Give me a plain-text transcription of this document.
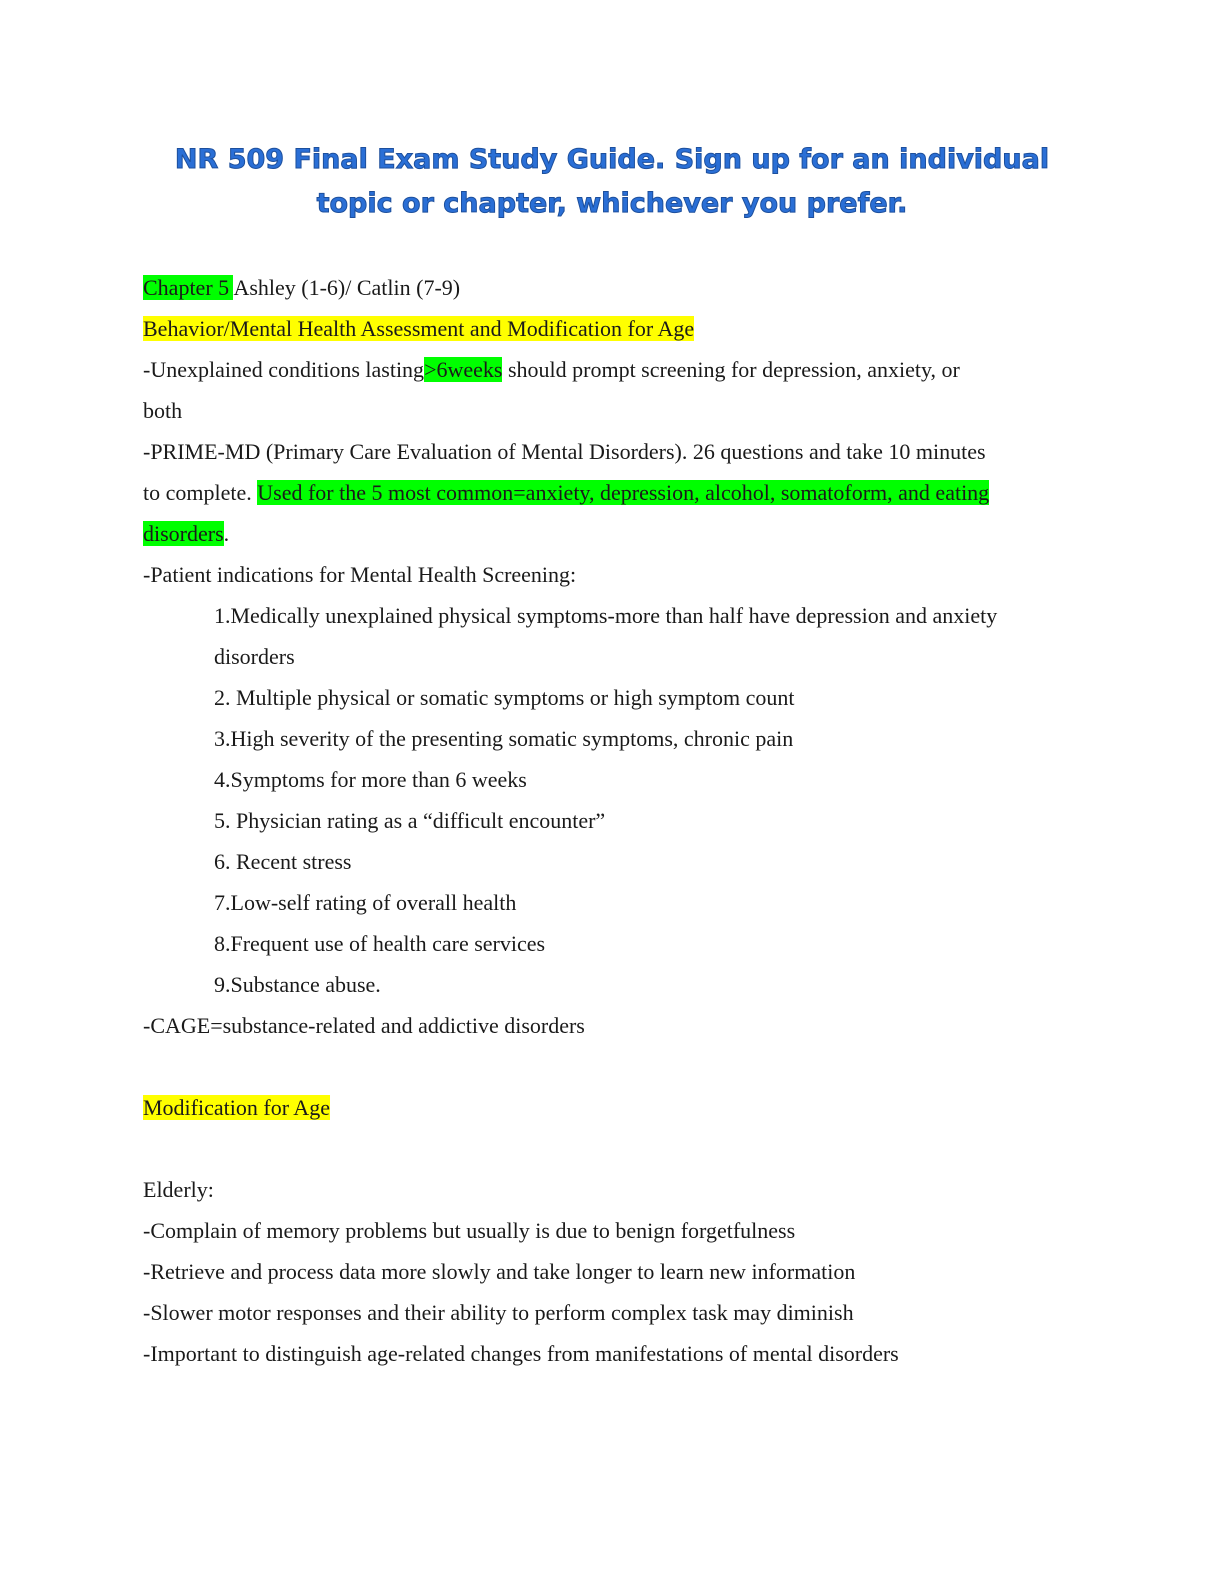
NR 509 Final Exam Study Guide. Sign up for an individual
topic or chapter, whichever you prefer.
Chapter 5 Ashley (1-6)/ Catlin (7-9)
Behavior/Mental Health Assessment and Modification for Age
-Unexplained conditions lasting>6weeks should prompt screening for depression, anxiety, or
both
-PRIME-MD (Primary Care Evaluation of Mental Disorders). 26 questions and take 10 minutes
to complete. Used for the 5 most common=anxiety, depression, alcohol, somatoform, and eating
disorders.
-Patient indications for Mental Health Screening:
1.Medically unexplained physical symptoms-more than half have depression and anxiety
disorders
2. Multiple physical or somatic symptoms or high symptom count
3.High severity of the presenting somatic symptoms, chronic pain
4.Symptoms for more than 6 weeks
5. Physician rating as a “difficult encounter”
6. Recent stress
7.Low-self rating of overall health
8.Frequent use of health care services
9.Substance abuse.
-CAGE=substance-related and addictive disorders
Modification for Age
Elderly:
-Complain of memory problems but usually is due to benign forgetfulness
-Retrieve and process data more slowly and take longer to learn new information
-Slower motor responses and their ability to perform complex task may diminish
-Important to distinguish age-related changes from manifestations of mental disorders
